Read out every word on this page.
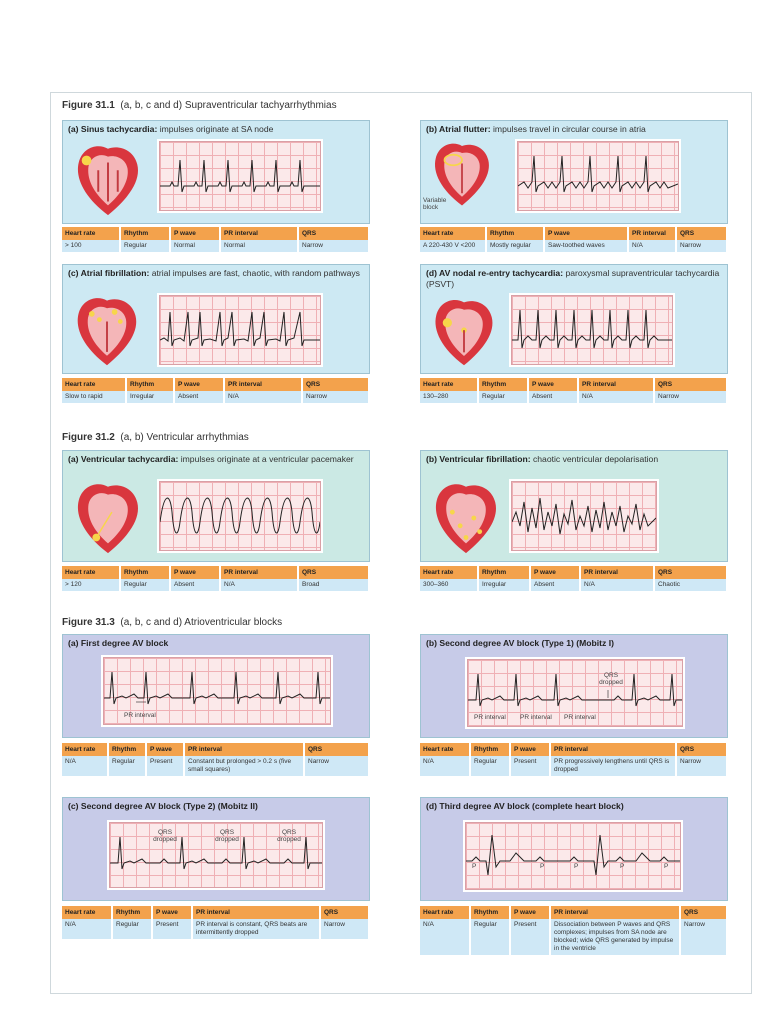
Figure 31.1 (a, b, c and d) Supraventricular tachyarrhythmias
(a) Sinus tachycardia: impulses originate at SA node
Heart rate	Rhythm	P wave	PR interval	QRS
> 100	Regular	Normal	Normal	Narrow
(b) Atrial flutter: impulses travel in circular course in atria
Variable block
Heart rate	Rhythm	P wave	PR interval	QRS
A 220-430 V <200	Mostly regular	Saw-toothed waves	N/A	Narrow
(c) Atrial fibrillation: atrial impulses are fast, chaotic, with random pathways
Heart rate	Rhythm	P wave	PR interval	QRS
Slow to rapid	Irregular	Absent	N/A	Narrow
(d) AV nodal re-entry tachycardia: paroxysmal supraventricular tachycardia (PSVT)
Heart rate	Rhythm	P wave	PR interval	QRS
130–280	Regular	Absent	N/A	Narrow
Figure 31.2 (a, b) Ventricular arrhythmias
(a) Ventricular tachycardia: impulses originate at a ventricular pacemaker
Heart rate	Rhythm	P wave	PR interval	QRS
> 120	Regular	Absent	N/A	Broad
(b) Ventricular fibrillation: chaotic ventricular depolarisation
Heart rate	Rhythm	P wave	PR interval	QRS
300–360	Irregular	Absent	N/A	Chaotic
Figure 31.3 (a, b, c and d) Atrioventricular blocks
(a) First degree AV block
PR interval
Heart rate	Rhythm	P wave	PR interval	QRS
N/A	Regular	Present	Constant but prolonged > 0.2 s (five small squares)	Narrow
(b) Second degree AV block (Type 1) (Mobitz I)
QRS dropped
PR interval PR interval PR interval
Heart rate	Rhythm	P wave	PR interval	QRS
N/A	Regular	Present	PR progressively lengthens until QRS is dropped	Narrow
(c) Second degree AV block (Type 2) (Mobitz II)
QRS dropped
QRS dropped
QRS dropped
Heart rate	Rhythm	P wave	PR interval	QRS
N/A	Regular	Present	PR interval is constant, QRS beats are intermittently dropped	Narrow
(d) Third degree AV block (complete heart block)
P	P	P	P	P
Heart rate	Rhythm	P wave	PR interval	QRS
N/A	Regular	Present	Dissociation between P waves and QRS complexes; impulses from SA node are blocked; wide QRS generated by impulse in the ventricle	Narrow
